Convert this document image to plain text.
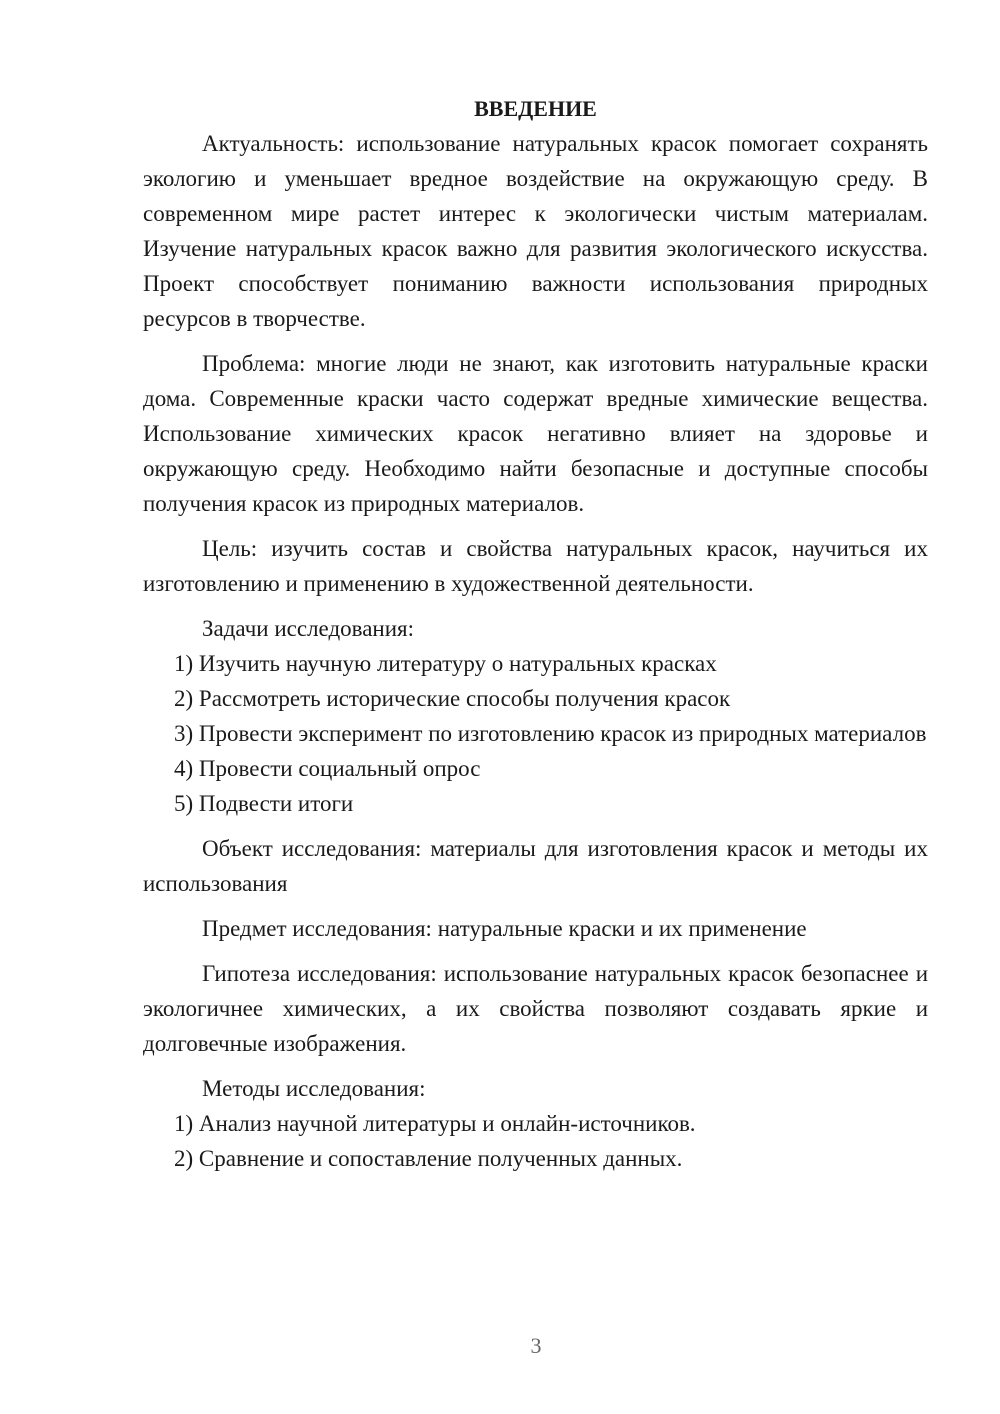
ВВЕДЕНИЕ

Актуальность: использование натуральных красок помогает сохранять экологию и уменьшает вредное воздействие на окружающую среду. В современном мире растет интерес к экологически чистым материалам. Изучение натуральных красок важно для развития экологического искусства. Проект способствует пониманию важности использования природных ресурсов в творчестве.

Проблема: многие люди не знают, как изготовить натуральные краски дома. Современные краски часто содержат вредные химические вещества. Использование химических красок негативно влияет на здоровье и окружающую среду. Необходимо найти безопасные и доступные способы получения красок из природных материалов.

Цель: изучить состав и свойства натуральных красок, научиться их изготовлению и применению в художественной деятельности.

Задачи исследования:

1) Изучить научную литературу о натуральных красках

2) Рассмотреть исторические способы получения красок

3) Провести эксперимент по изготовлению красок из природных материалов

4) Провести социальный опрос

5) Подвести итоги

Объект исследования: материалы для изготовления красок и методы их использования

Предмет исследования: натуральные краски и их применение

Гипотеза исследования: использование натуральных красок безопаснее и экологичнее химических, а их свойства позволяют создавать яркие и долговечные изображения.

Методы исследования:

1) Анализ научной литературы и онлайн-источников.

2) Сравнение и сопоставление полученных данных.

3
